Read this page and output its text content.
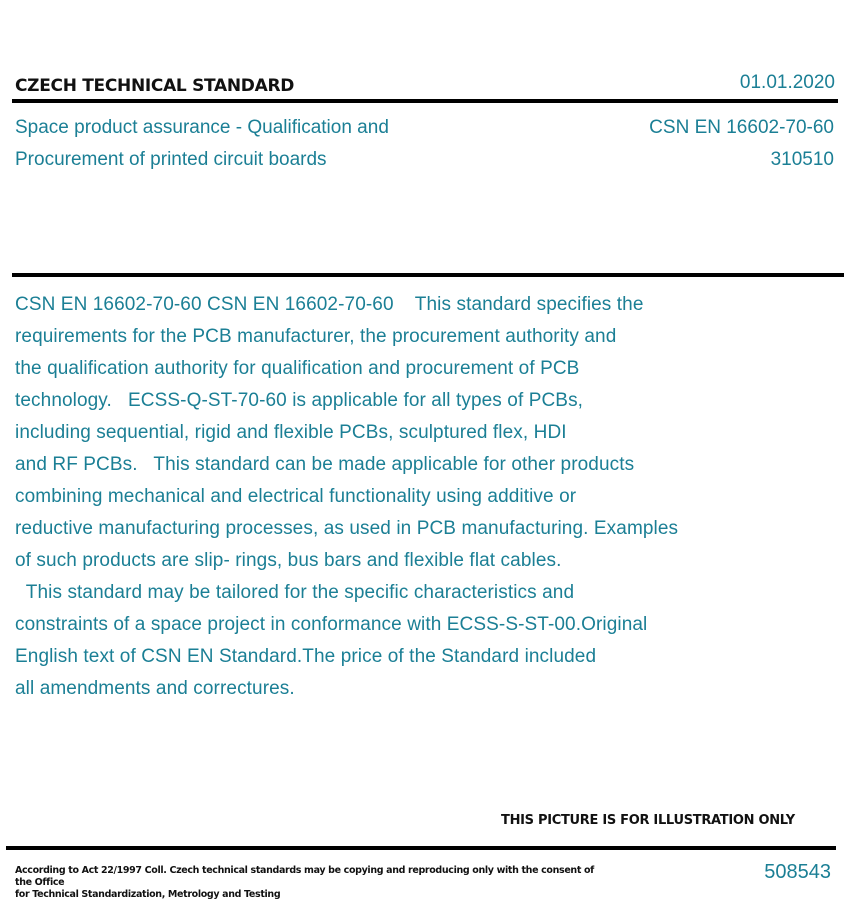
CZECH TECHNICAL STANDARD	01.01.2020
Space product assurance - Qualification and
Procurement of printed circuit boards
CSN EN 16602-70-60
310510
CSN EN 16602-70-60 CSN EN 16602-70-60    This standard specifies the
requirements for the PCB manufacturer, the procurement authority and
the qualification authority for qualification and procurement of PCB
technology.   ECSS-Q-ST-70-60 is applicable for all types of PCBs,
including sequential, rigid and flexible PCBs, sculptured flex, HDI
and RF PCBs.   This standard can be made applicable for other products
combining mechanical and electrical functionality using additive or
reductive manufacturing processes, as used in PCB manufacturing. Examples
of such products are slip- rings, bus bars and flexible flat cables.
This standard may be tailored for the specific characteristics and
constraints of a space project in conformance with ECSS-S-ST-00.Original
English text of CSN EN Standard.The price of the Standard included
all amendments and correctures.
THIS PICTURE IS FOR ILLUSTRATION ONLY
According to Act 22/1997 Coll. Czech technical standards may be copying and reproducing only with the consent of the Office
for Technical Standardization, Metrology and Testing
508543
